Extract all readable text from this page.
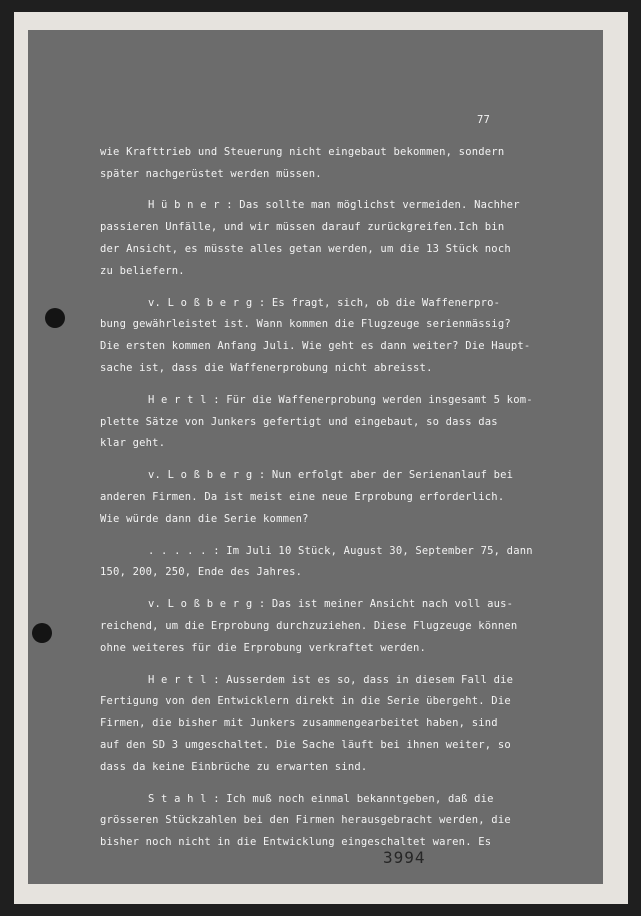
77
wie Krafttrieb und Steuerung nicht eingebaut bekommen, sondern
später nachgerüstet werden müssen.
H ü b n e r : Das sollte man möglichst vermeiden. Nachher
passieren Unfälle, und wir müssen darauf zurückgreifen.Ich bin
der Ansicht, es müsste alles getan werden, um die 13 Stück noch
zu beliefern.
v. L o ß b e r g : Es fragt, sich, ob die Waffenerpro-
bung gewährleistet ist. Wann kommen die Flugzeuge serienmässig?
Die ersten kommen Anfang Juli. Wie geht es dann weiter? Die Haupt-
sache ist, dass die Waffenerprobung nicht abreisst.
H e r t l : Für die Waffenerprobung werden insgesamt 5 kom-
plette Sätze von Junkers gefertigt und eingebaut, so dass das
klar geht.
v. L o ß b e r g : Nun erfolgt aber der Serienanlauf bei
anderen Firmen. Da ist meist eine neue Erprobung erforderlich.
Wie würde dann die Serie kommen?
. . . . . : Im Juli 10 Stück, August 30, September 75, dann
150, 200, 250, Ende des Jahres.
v. L o ß b e r g : Das ist meiner Ansicht nach voll aus-
reichend, um die Erprobung durchzuziehen. Diese Flugzeuge können
ohne weiteres für die Erprobung verkraftet werden.
H e r t l : Ausserdem ist es so, dass in diesem Fall die
Fertigung von den Entwicklern direkt in die Serie übergeht. Die
Firmen, die bisher mit Junkers zusammengearbeitet haben, sind
auf den SD 3 umgeschaltet. Die Sache läuft bei ihnen weiter, so
dass da keine Einbrüche zu erwarten sind.
S t a h l : Ich muß noch einmal bekanntgeben, daß die
grösseren Stückzahlen bei den Firmen herausgebracht werden, die
bisher noch nicht in die Entwicklung eingeschaltet waren. Es
3994
